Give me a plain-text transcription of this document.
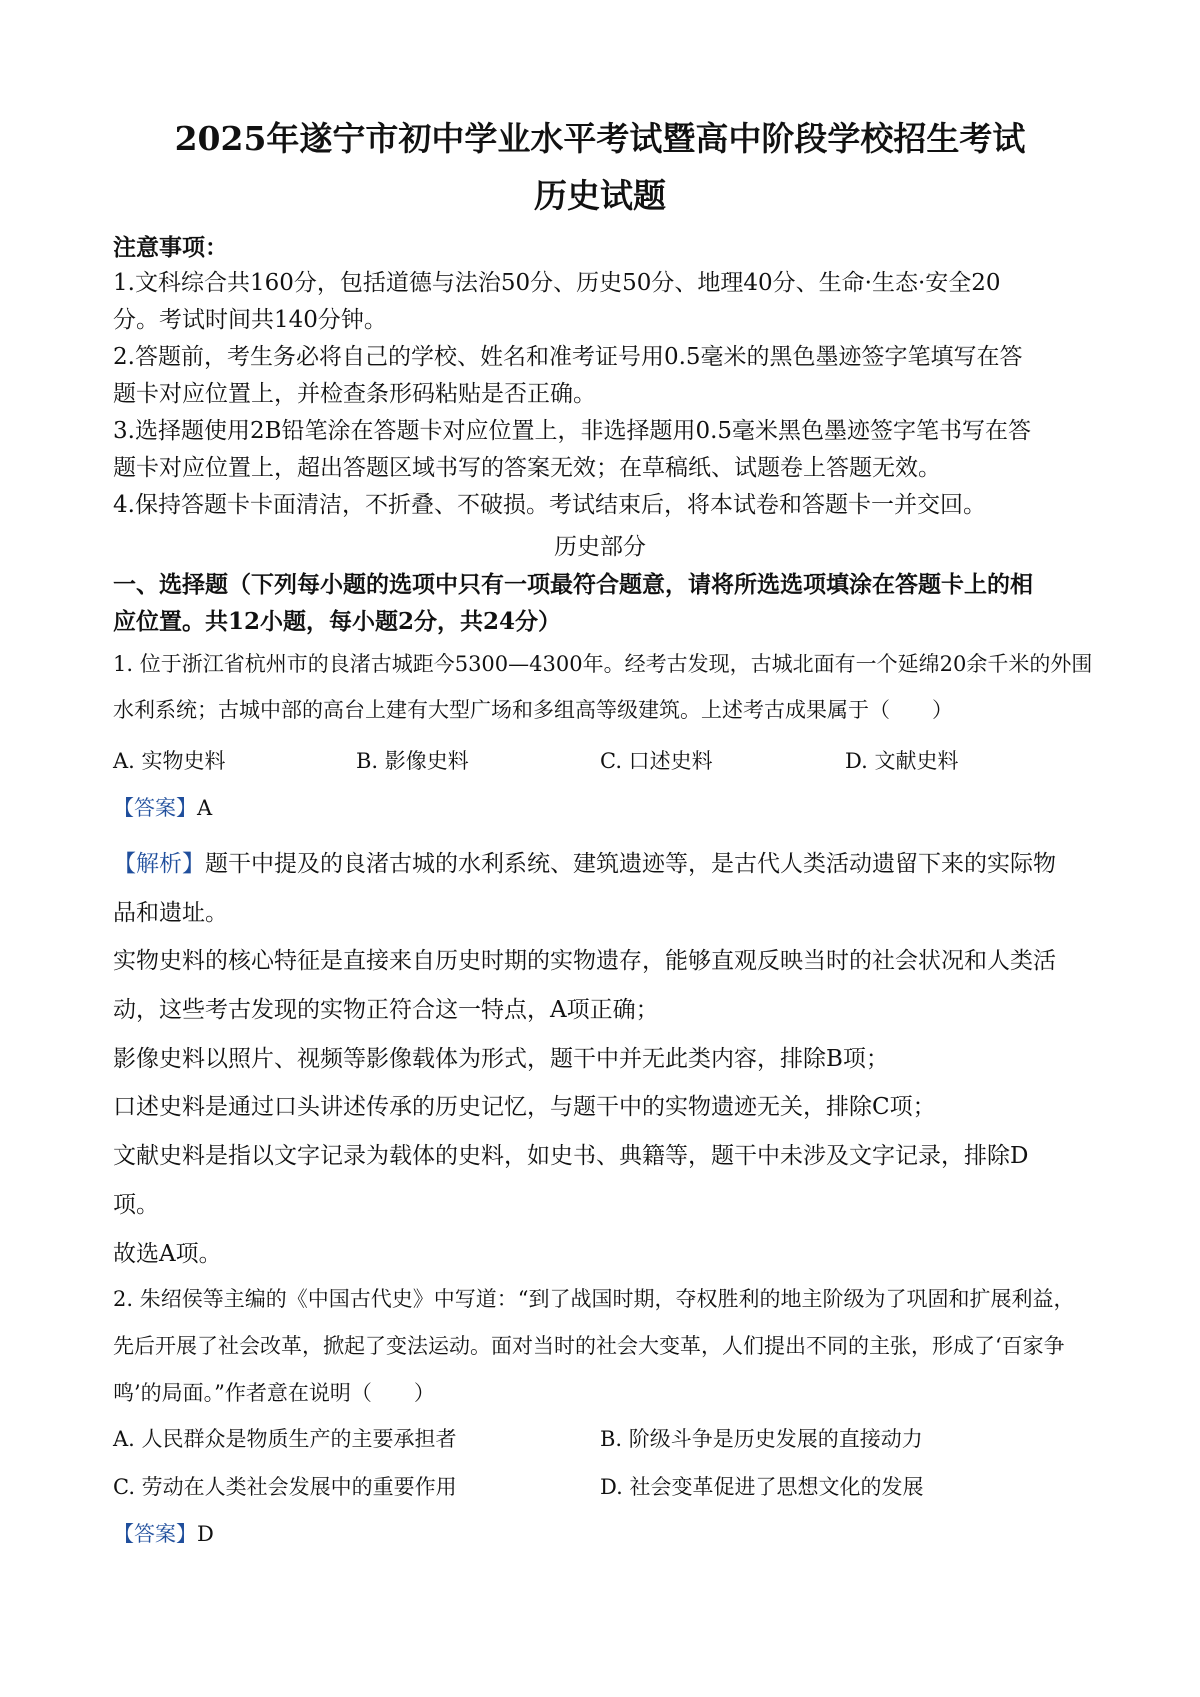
2025年遂宁市初中学业水平考试暨高中阶段学校招生考试
历史试题
注意事项：
1.文科综合共160分，包括道德与法治50分、历史50分、地理40分、生命·生态·安全20
分。考试时间共140分钟。
2.答题前，考生务必将自己的学校、姓名和准考证号用0.5毫米的黑色墨迹签字笔填写在答
题卡对应位置上，并检查条形码粘贴是否正确。
3.选择题使用2B铅笔涂在答题卡对应位置上，非选择题用0.5毫米黑色墨迹签字笔书写在答
题卡对应位置上，超出答题区域书写的答案无效；在草稿纸、试题卷上答题无效。
4.保持答题卡卡面清洁，不折叠、不破损。考试结束后，将本试卷和答题卡一并交回。
历史部分
一、选择题（下列每小题的选项中只有一项最符合题意，请将所选选项填涂在答题卡上的相
应位置。共12小题，每小题2分，共24分）
1. 位于浙江省杭州市的良渚古城距今5300—4300年。经考古发现，古城北面有一个延绵20余千米的外围
水利系统；古城中部的高台上建有大型广场和多组高等级建筑。上述考古成果属于（　　）
A. 实物史料	B. 影像史料	C. 口述史料	D. 文献史料
【答案】A
【解析】题干中提及的良渚古城的水利系统、建筑遗迹等，是古代人类活动遗留下来的实际物
品和遗址。
实物史料的核心特征是直接来自历史时期的实物遗存，能够直观反映当时的社会状况和人类活
动，这些考古发现的实物正符合这一特点，A项正确；
影像史料以照片、视频等影像载体为形式，题干中并无此类内容，排除B项；
口述史料是通过口头讲述传承的历史记忆，与题干中的实物遗迹无关，排除C项；
文献史料是指以文字记录为载体的史料，如史书、典籍等，题干中未涉及文字记录，排除D
项。
故选A项。
2. 朱绍侯等主编的《中国古代史》中写道：“到了战国时期，夺权胜利的地主阶级为了巩固和扩展利益，
先后开展了社会改革，掀起了变法运动。面对当时的社会大变革，人们提出不同的主张，形成了‘百家争
鸣’的局面。”作者意在说明（　　）
A. 人民群众是物质生产的主要承担者	B. 阶级斗争是历史发展的直接动力
C. 劳动在人类社会发展中的重要作用	D. 社会变革促进了思想文化的发展
【答案】D
